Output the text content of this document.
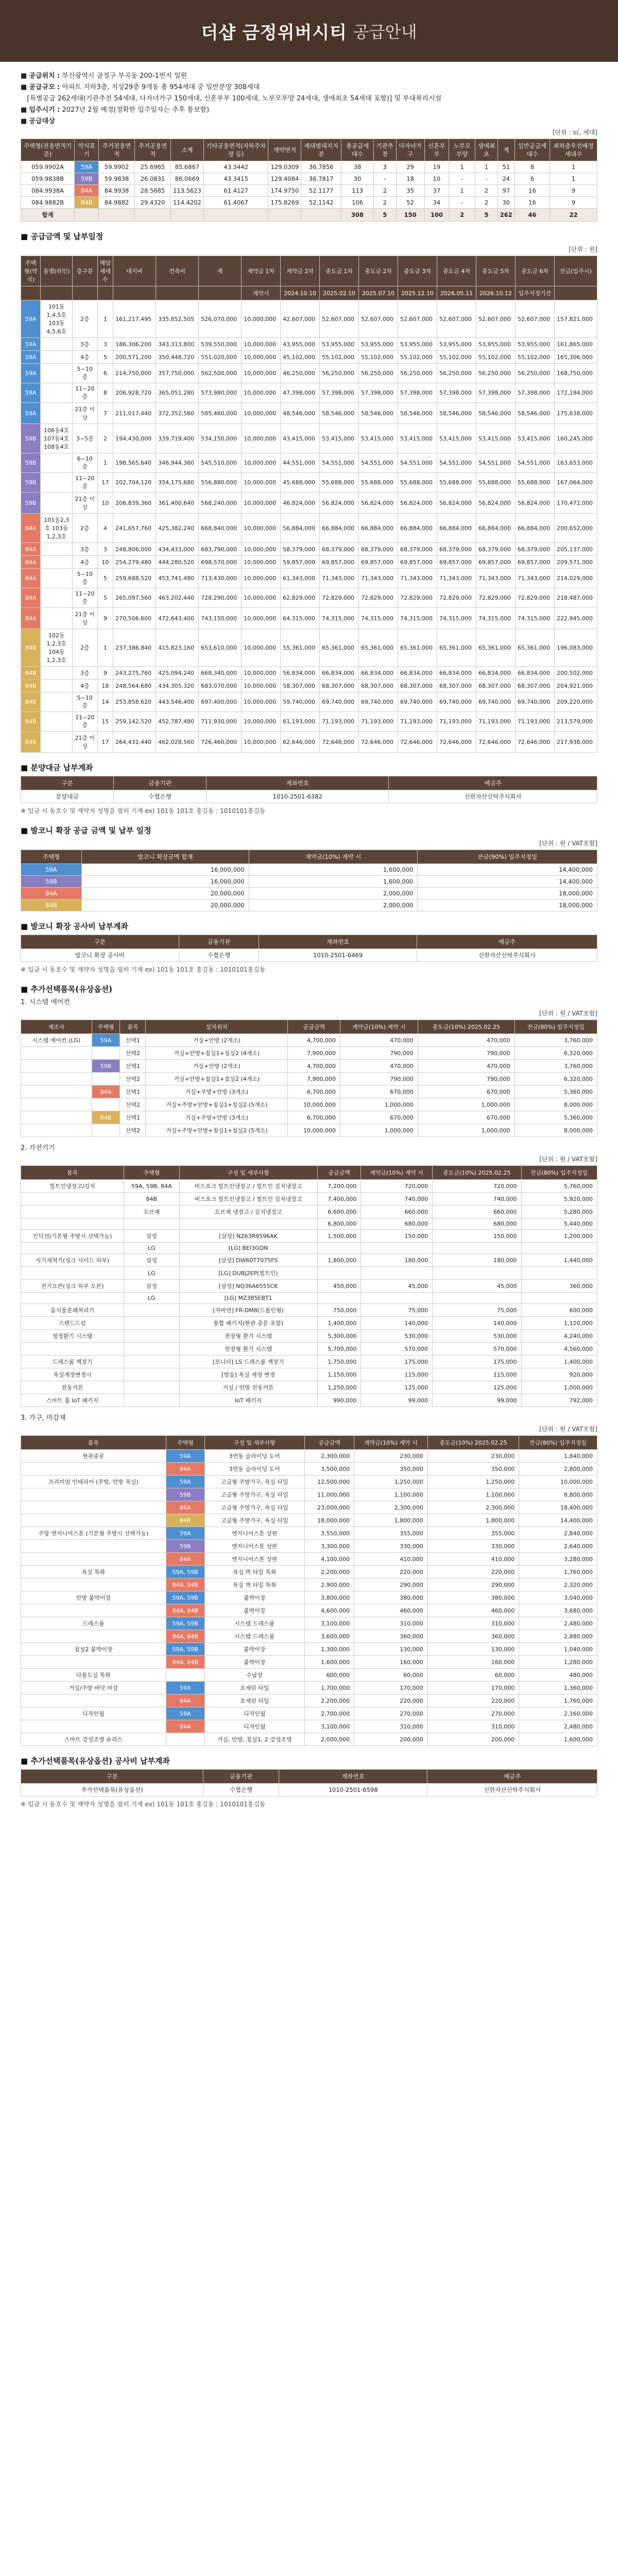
더샵 금정위버시티 공급안내
■ 공급위치 : 부산광역시 금정구 부곡동 200-1번지 일원
■ 공급규모 : 아파트 지하3층, 지상29층 9개동 총 954세대 중 일반분양 308세대
[특별공급 262세대(기관추천 54세대, 다자녀가구 150세대, 신혼부부 100세대, 노부모부양 24세대, 생애최초 54세대 포함)] 및 부대복리시설
■ 입주시기 : 2027년 2월 예정(정확한 입주일자는 추후 통보함)
■ 공급대상
[단위 : ㎡, 세대]
주택형(전용면적기준)	약식표기	주거전용면적	주거공용면적	소계	기타공용면적(지하주차장 등)	계약면적	세대별대지지분	총공급세대수	기관추천	다자녀가구	신혼부부	노부모부양	생애최초	계	일반공급세대수	최하층우선배정세대수
059.9902A	59A	59.9902	25.6965	85.6867	43.3442	129.0309	36.7856	38	3	29	19	1	1	51	8	1
059.9838B	59B	59.9838	26.0831	86.0669	43.3415	129.4084	36.7817	30	-	18	10	-	-	24	6	1
084.9938A	84A	84.9938	28.5685	113.5623	61.4127	174.9750	52.1177	113	2	35	37	1	2	97	16	9
084.9882B	84B	84.9882	29.4320	114.4202	61.4067	175.8269	52.1142	106	2	52	34	-	2	30	16	9
합계								308	5	150	100	2	5	262	46	22
■ 공급금액 및 납부일정
[단위 : 원]
주택형(약식)	동별(라인)	층구분	해당세대수	대지비	건축비	계	계약금 1차	계약금 2차	중도금 1차	중도금 2차	중도금 3차	중도금 4차	중도금 5차	중도금 6차	잔금(입주시)
							계약시	2024.10.10	2025.02.10	2025.07.10	2025.12.10	2026.05.11	2026.10.12	입주지정기간	
59A	101동1,4,5호 103동4,5,6호	2층	1	161,217,495	335,852,505	526,070,000	10,000,000	42,607,000	52,607,000	52,607,000	52,607,000	52,607,000	52,607,000	52,607,000	157,821,000
59A		3층	3	186,306,200	343,313,800	539,550,000	10,000,000	43,955,000	53,955,000	53,955,000	53,955,000	53,955,000	53,955,000	53,955,000	161,865,000
59A		4층	5	200,571,200	350,448,720	551,020,000	10,000,000	45,102,000	55,102,000	55,102,000	55,102,000	55,102,000	55,102,000	55,102,000	165,306,000
59A		5~10층	6	214,750,000	357,750,000	562,500,000	10,000,000	46,250,000	56,250,000	56,250,000	56,250,000	56,250,000	56,250,000	56,250,000	168,750,000
59A		11~20층	8	206,928,720	365,051,280	573,980,000	10,000,000	47,398,000	57,398,000	57,398,000	57,398,000	57,398,000	57,398,000	57,398,000	172,194,000
59A		21층 이상	7	211,017,440	372,352,560	585,460,000	10,000,000	48,546,000	58,546,000	58,546,000	58,546,000	58,546,000	58,546,000	58,546,000	175,638,000
59B	106동4호 107동4호 108동4호	3~5층	2	194,430,000	339,719,400	534,150,000	10,000,000	43,415,000	53,415,000	53,415,000	53,415,000	53,415,000	53,415,000	53,415,000	160,245,000
59B		6~10층	1	198,565,640	346,944,360	545,510,000	10,000,000	44,551,000	54,551,000	54,551,000	54,551,000	54,551,000	54,551,000	54,551,000	163,653,000
59B		11~20층	17	202,704,120	354,175,680	556,880,000	10,000,000	45,688,000	55,688,000	55,688,000	55,688,000	55,688,000	55,688,000	55,688,000	167,064,000
59B		21층 이상	10	206,839,360	361,400,640	568,240,000	10,000,000	46,824,000	56,824,000	56,824,000	56,824,000	56,824,000	56,824,000	56,824,000	170,472,000
84A	101동2,3호 103동1,2,3호	2층	4	241,657,760	425,382,240	668,840,000	10,000,000	56,884,000	66,884,000	66,884,000	66,884,000	66,884,000	66,884,000	66,884,000	200,652,000
84A		3층	3	248,806,000	434,433,000	683,790,000	10,000,000	58,379,000	68,379,000	68,379,000	68,379,000	68,379,000	68,379,000	68,379,000	205,137,000
84A		4층	10	254,279,480	444,280,520	698,570,000	10,000,000	59,857,000	69,857,000	69,857,000	69,857,000	69,857,000	69,857,000	69,857,000	209,571,000
84A		5~10층	5	259,688,520	453,741,480	713,430,000	10,000,000	61,343,000	71,343,000	71,343,000	71,343,000	71,343,000	71,343,000	71,343,000	214,029,000
84A		11~20층	5	265,097,560	463,202,440	728,290,000	10,000,000	62,829,000	72,829,000	72,829,000	72,829,000	72,829,000	72,829,000	72,829,000	218,487,000
84A		21층 이상	9	270,506,600	472,643,400	743,150,000	10,000,000	64,315,000	74,315,000	74,315,000	74,315,000	74,315,000	74,315,000	74,315,000	222,945,000
84B	102동1,2,3호 104동1,2,3호	2층	1	237,386,840	415,823,160	653,610,000	10,000,000	55,361,000	65,361,000	65,361,000	65,361,000	65,361,000	65,361,000	65,361,000	196,083,000
84B		3층	9	243,275,760	425,094,240	668,340,000	10,000,000	56,834,000	66,834,000	66,834,000	66,834,000	66,834,000	66,834,000	66,834,000	200,502,000
84B		4층	18	248,564,680	434,305,320	683,070,000	10,000,000	58,307,000	68,307,000	68,307,000	68,307,000	68,307,000	68,307,000	68,307,000	204,921,000
84B		5~10층	14	253,858,620	443,546,400	697,400,000	10,000,000	59,740,000	69,740,000	69,740,000	69,740,000	69,740,000	69,740,000	69,740,000	209,220,000
84B		11~20층	15	259,142,520	452,787,480	711,930,000	10,000,000	61,193,000	71,193,000	71,193,000	71,193,000	71,193,000	71,193,000	71,193,000	213,579,000
84B		21층 이상	17	264,431,440	462,028,560	726,460,000	10,000,000	62,646,000	72,646,000	72,646,000	72,646,000	72,646,000	72,646,000	72,646,000	217,938,000
■ 분양대금 납부계좌
구분	금융기관	계좌번호	예금주
분양대금	수협은행	1010-2501-6382	신한자산신탁주식회사
※ 입금 시 동호수 및 계약자 성명을 필히 기재 ex) 101동 101호 홍길동 : 1010101홍길동
■ 발코니 확장 공급 금액 및 납부 일정
[단위 : 원 / VAT포함]
주택형	발코니 확장금액 합계	계약금(10%) 계약 시	잔금(90%) 입주지정일
59A	16,000,000	1,600,000	14,400,000
59B	16,000,000	1,600,000	14,400,000
84A	20,000,000	2,000,000	18,000,000
84B	20,000,000	2,000,000	18,000,000
■ 발코니 확장 공사비 납부계좌
구분	금융기관	계좌번호	예금주
발코니 확장 공사비	수협은행	1010-2501-6469	신한자산신탁주식회사
※ 입금 시 동호수 및 계약자 성명을 필히 기재 ex) 101동 101호 홍길동 : 1010101홍길동
■ 추가선택품목(유상옵션)
1. 시스템 에어컨
[단위 : 원 / VAT포함]
제조사	주택형	품목	설치위치	공급금액	계약금(10%) 계약 시	중도금(10%) 2025.02.25	잔금(80%) 입주지정일
시스템 에어컨 (LG)	59A	선택1	거실+안방 (2개소)	4,700,000	470,000	470,000	3,760,000
		선택2	거실+안방+침실1+침실2 (4개소)	7,900,000	790,000	790,000	6,320,000
	59B	선택1	거실+안방 (2개소)	4,700,000	470,000	470,000	3,760,000
		선택2	거실+안방+침실1+침실2 (4개소)	7,900,000	790,000	790,000	6,320,000
	84A	선택1	거실+주방+안방 (3개소)	6,700,000	670,000	670,000	5,360,000
		선택2	거실+주방+안방+침실1+침실2 (5개소)	10,000,000	1,000,000	1,000,000	8,000,000
	84B	선택1	거실+주방+안방 (3개소)	6,700,000	670,000	670,000	5,360,000
		선택2	거실+주방+안방+침실1+침실2 (5개소)	10,000,000	1,000,000	1,000,000	8,000,000
2. 가전기기
[단위 : 원 / VAT포함]
품목	주택형	구성 및 세부사항	공급금액	계약금(10%) 계약 시	중도금(10%) 2025.02.25	잔금(80%) 입주지정일
빌트인냉장고/김치	59A, 59B, 84A	비스포크 빌트인냉장고 / 빌트인 김치냉장고	7,200,000	720,000	720,000	5,760,000
	84B	비스포크 빌트인냉장고 / 빌트인 김치냉장고	7,400,000	740,000	740,000	5,920,000
	오브제	오브제 냉장고 / 김치냉장고	6,600,000	660,000	660,000	5,280,000
			6,800,000	680,000	680,000	5,440,000
인덕션(기본형 주방시 선택가능)	삼성	[삼성] NZ63R9596AK	1,500,000	150,000	150,000	1,200,000
	LG	[LG] BEI3GQN				
식기세척기(싱크 사이드 하부)	삼성	[삼성] DW60T7075FS	1,800,000	180,000	180,000	1,440,000
	LG	[LG] DUBJ2EP(빌트인)				
전기오븐(싱크 하부 오븐)	삼성	[삼성] NQ36A6555CK	450,000	45,000	45,000	360,000
	LG	[LG] MZ385EBT1				
음식물분쇄처리기		[자바연] FR-DM8(드롭인형)	750,000	75,000	75,000	600,000
스탠드드럼		통합 패키지(현관 중문 포함)	1,400,000	140,000	140,000	1,120,000
청정환기 시스템		천장형 환기 시스템	5,300,000	530,000	530,000	4,240,000
		천장형 환기 시스템	5,700,000	570,000	570,000	4,560,000
드레스룸 책장기		[모니터] LS 드레스룸 책장기	1,750,000	175,000	175,000	1,400,000
욕실계정변경시		[방음] 욕실 계정 변경	1,150,000	115,000	115,000	920,000
전동커튼		거실 / 안방 전동커튼	1,250,000	125,000	125,000	1,000,000
스마트 홈 IoT 패키지		IoT 패키지	990,000	99,000	99,000	792,000
3. 가구, 마감재
[단위 : 원 / VAT포함]
품목	주택형	구성 및 세부사항	공급금액	계약금(10%) 계약 시	중도금(10%) 2025.02.25	잔금(80%) 입주지정일
현관중문	59A	3연동 슬라이딩 도어	2,300,000	230,000	230,000	1,840,000
	84A	3연동 슬라이딩 도어	3,500,000	350,000	350,000	2,800,000
프리미엄 인테리어 (주방, 안방 욕실)	59A	고급형 주방가구, 욕실 타일	12,500,000	1,250,000	1,250,000	10,000,000
	59B	고급형 주방가구, 욕실 타일	11,000,000	1,100,000	1,100,000	8,800,000
	84A	고급형 주방가구, 욕실 타일	23,000,000	2,300,000	2,300,000	18,400,000
	84B	고급형 주방가구, 욕실 타일	18,000,000	1,800,000	1,800,000	14,400,000
주방 엔지니어스톤 (기본형 주방시 선택가능)	59A	엔지니어스톤 상판	3,550,000	355,000	355,000	2,840,000
	59B	엔지니어스톤 상판	3,300,000	330,000	330,000	2,640,000
	84A	엔지니어스톤 상판	4,100,000	410,000	410,000	3,280,000
욕실 특화	59A, 59B	욕실 벽 타일 특화	2,200,000	220,000	220,000	1,760,000
	84A, 84B	욕실 벽 타일 특화	2,900,000	290,000	290,000	2,320,000
안방 붙박이장	59A, 59B	붙박이장	3,800,000	380,000	380,000	3,040,000
	84A, 84B	붙박이장	4,600,000	460,000	460,000	3,680,000
드레스룸	59A, 59B	시스템 드레스룸	3,100,000	310,000	310,000	2,480,000
	84A, 84B	시스템 드레스룸	3,600,000	360,000	360,000	2,880,000
침실2 붙박이장	59A, 59B	붙박이장	1,300,000	130,000	130,000	1,040,000
	84A, 84B	붙박이장	1,600,000	160,000	160,000	1,280,000
다용도실 특화		수납장	600,000	60,000	60,000	480,000
거실/주방 바닥 마감	59A	포세린 타일	1,700,000	170,000	170,000	1,360,000
	84A	포세린 타일	2,200,000	220,000	220,000	1,760,000
디자인월	59A	디자인월	2,700,000	270,000	270,000	2,160,000
	84A	디자인월	3,100,000	310,000	310,000	2,480,000
스마트 강성조명 유리스		거실, 안방, 침실1, 2 강성조명	2,000,000	200,000	200,000	1,600,000
■ 추가선택품목(유상옵션) 공사비 납부계좌
구분	금융기관	계좌번호	예금주
추가선택품목(유상옵션)	수협은행	1010-2501-6598	신한자산신탁주식회사
※ 입금 시 동호수 및 계약자 성명을 필히 기재 ex) 101동 101호 홍길동 : 1010101홍길동
